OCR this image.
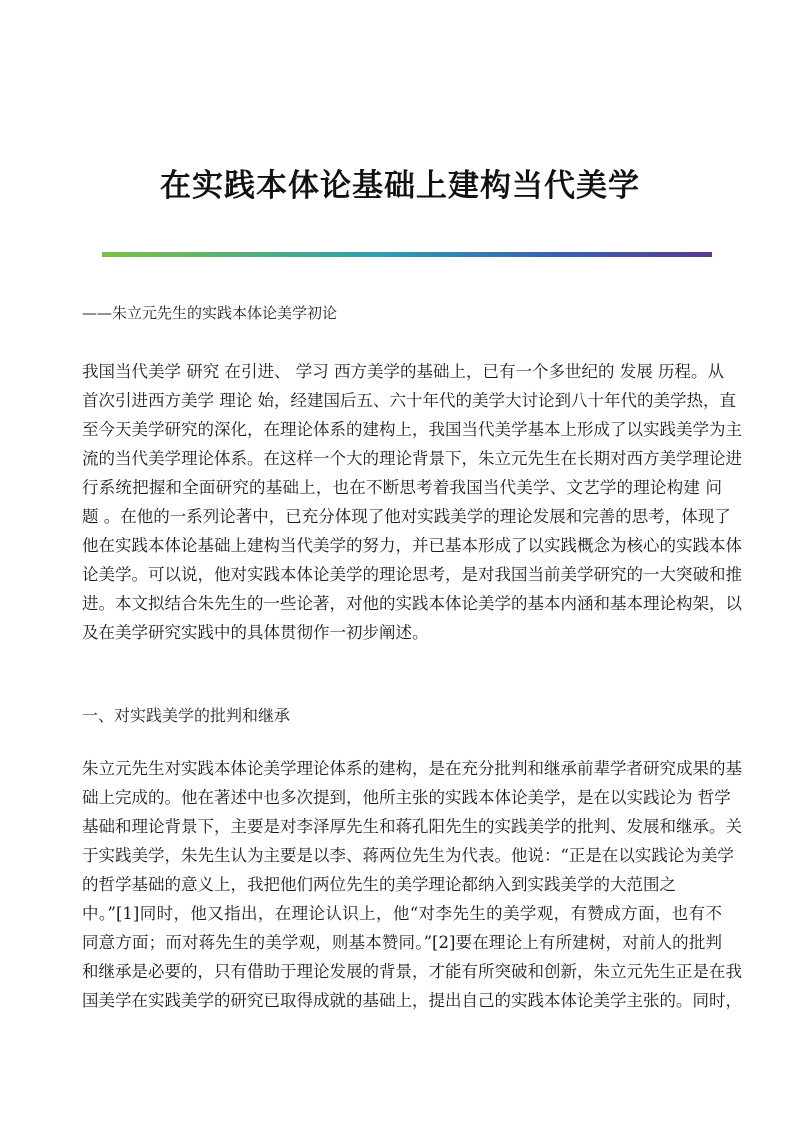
在实践本体论基础上建构当代美学

——朱立元先生的实践本体论美学初论

我国当代美学 研究 在引进、 学习 西方美学的基础上，已有一个多世纪的 发展 历程。从
首次引进西方美学 理论 始，经建国后五、六十年代的美学大讨论到八十年代的美学热，直
至今天美学研究的深化，在理论体系的建构上，我国当代美学基本上形成了以实践美学为主
流的当代美学理论体系。在这样一个大的理论背景下，朱立元先生在长期对西方美学理论进
行系统把握和全面研究的基础上，也在不断思考着我国当代美学、文艺学的理论构建 问
题 。在他的一系列论著中，已充分体现了他对实践美学的理论发展和完善的思考，体现了
他在实践本体论基础上建构当代美学的努力，并已基本形成了以实践概念为核心的实践本体
论美学。可以说，他对实践本体论美学的理论思考，是对我国当前美学研究的一大突破和推
进。本文拟结合朱先生的一些论著，对他的实践本体论美学的基本内涵和基本理论构架，以
及在美学研究实践中的具体贯彻作一初步阐述。

一、对实践美学的批判和继承

朱立元先生对实践本体论美学理论体系的建构，是在充分批判和继承前辈学者研究成果的基
础上完成的。他在著述中也多次提到，他所主张的实践本体论美学，是在以实践论为 哲学
基础和理论背景下，主要是对李泽厚先生和蒋孔阳先生的实践美学的批判、发展和继承。关
于实践美学，朱先生认为主要是以李、蒋两位先生为代表。他说：“正是在以实践论为美学
的哲学基础的意义上，我把他们两位先生的美学理论都纳入到实践美学的大范围之
中。”[1]同时，他又指出，在理论认识上，他“对李先生的美学观，有赞成方面，也有不
同意方面；而对蒋先生的美学观，则基本赞同。”[2]要在理论上有所建树，对前人的批判
和继承是必要的，只有借助于理论发展的背景，才能有所突破和创新，朱立元先生正是在我
国美学在实践美学的研究已取得成就的基础上，提出自己的实践本体论美学主张的。同时，
